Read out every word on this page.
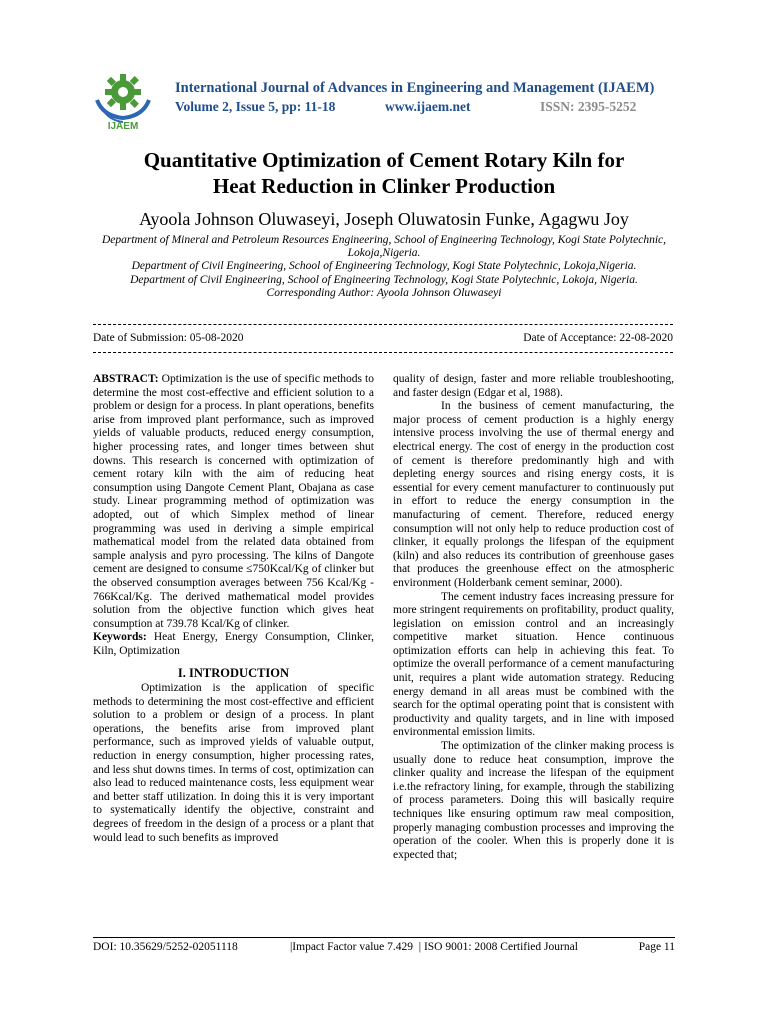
IJAEM
International Journal of Advances in Engineering and Management (IJAEM)
Volume 2, Issue 5, pp: 11-18	www.ijaem.net	ISSN: 2395-5252
Quantitative Optimization of Cement Rotary Kiln for
Heat Reduction in Clinker Production
Ayoola Johnson Oluwaseyi, Joseph Oluwatosin Funke, Agagwu Joy
Department of Mineral and Petroleum Resources Engineering, School of Engineering Technology, Kogi State Polytechnic, Lokoja,Nigeria.
Department of Civil Engineering, School of Engineering Technology, Kogi State Polytechnic, Lokoja,Nigeria.
Department of Civil Engineering, School of Engineering Technology, Kogi State Polytechnic, Lokoja, Nigeria.
Corresponding Author: Ayoola Johnson Oluwaseyi
Date of Submission: 05-08-2020	Date of Acceptance: 22-08-2020

ABSTRACT: Optimization is the use of specific methods to determine the most cost-effective and efficient solution to a problem or design for a process. In plant operations, benefits arise from improved plant performance, such as improved yields of valuable products, reduced energy consumption, higher processing rates, and longer times between shut downs. This research is concerned with optimization of cement rotary kiln with the aim of reducing heat consumption using Dangote Cement Plant, Obajana as case study. Linear programming method of optimization was adopted, out of which Simplex method of linear programming was used in deriving a simple empirical mathematical model from the related data obtained from sample analysis and pyro processing. The kilns of Dangote cement are designed to consume ≤750Kcal/Kg of clinker but the observed consumption averages between 756 Kcal/Kg - 766Kcal/Kg. The derived mathematical model provides solution from the objective function which gives heat consumption at 739.78 Kcal/Kg of clinker.

Keywords: Heat Energy, Energy Consumption, Clinker, Kiln, Optimization

I. INTRODUCTION

Optimization is the application of specific methods to determining the most cost-effective and efficient solution to a problem or design of a process. In plant operations, the benefits arise from improved plant performance, such as improved yields of valuable output, reduction in energy consumption, higher processing rates, and less shut downs times. In terms of cost, optimization can also lead to reduced maintenance costs, less equipment wear and better staff utilization. In doing this it is very important to systematically identify the objective, constraint and degrees of freedom in the design of a process or a plant that would lead to such benefits as improved

quality of design, faster and more reliable troubleshooting, and faster design (Edgar et al, 1988).

In the business of cement manufacturing, the major process of cement production is a highly energy intensive process involving the use of thermal energy and electrical energy. The cost of energy in the production cost of cement is therefore predominantly high and with depleting energy sources and rising energy costs, it is essential for every cement manufacturer to continuously put in effort to reduce the energy consumption in the manufacturing of cement. Therefore, reduced energy consumption will not only help to reduce production cost of clinker, it equally prolongs the lifespan of the equipment (kiln) and also reduces its contribution of greenhouse gases that produces the greenhouse effect on the atmospheric environment (Holderbank cement seminar, 2000).

The cement industry faces increasing pressure for more stringent requirements on profitability, product quality, legislation on emission control and an increasingly competitive market situation. Hence continuous optimization efforts can help in achieving this feat. To optimize the overall performance of a cement manufacturing unit, requires a plant wide automation strategy. Reducing energy demand in all areas must be combined with the search for the optimal operating point that is consistent with productivity and quality targets, and in line with imposed environmental emission limits.

The optimization of the clinker making process is usually done to reduce heat consumption, improve the clinker quality and increase the lifespan of the equipment i.e.the refractory lining, for example, through the stabilizing of process parameters. Doing this will basically require techniques like ensuring optimum raw meal composition, properly managing combustion processes and improving the operation of the cooler. When this is properly done it is expected that;

DOI: 10.35629/5252-02051118	|Impact Factor value 7.429 | ISO 9001: 2008 Certified Journal	Page 11
